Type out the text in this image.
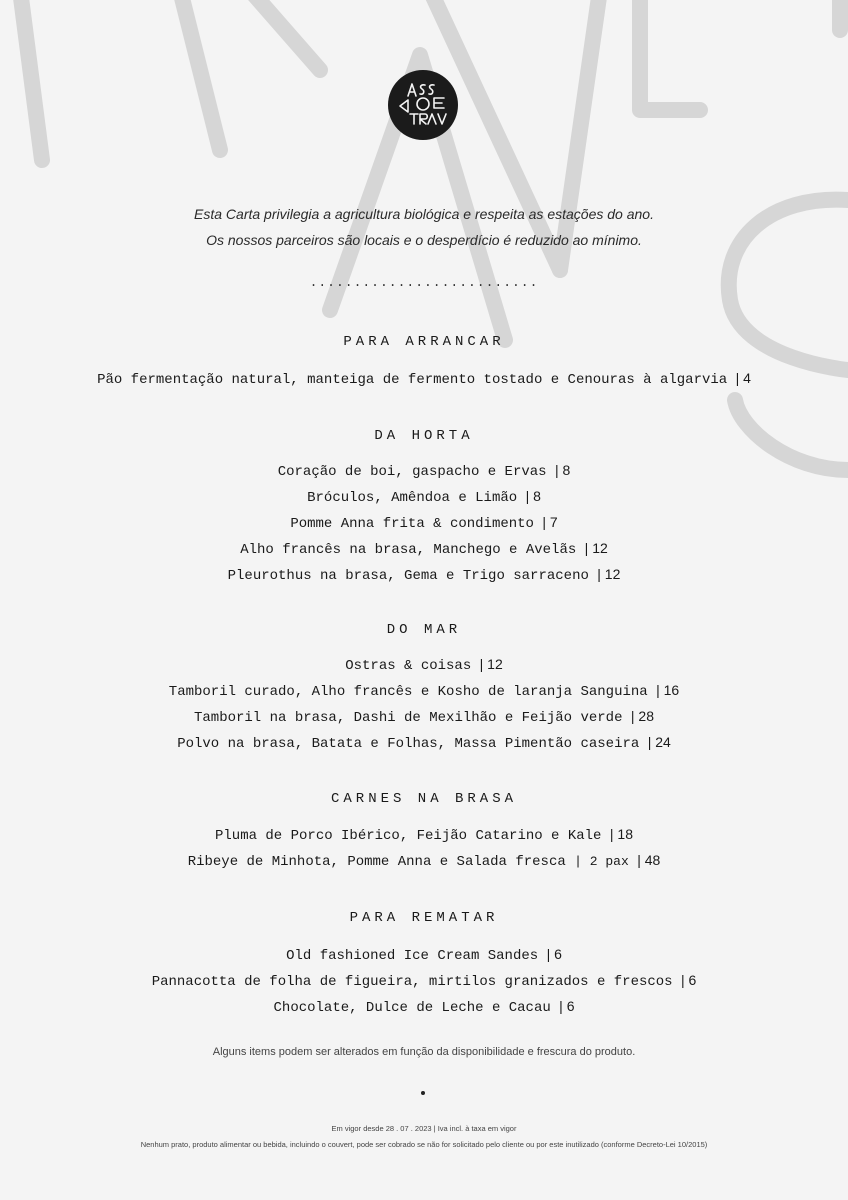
Esta Carta privilegia a agricultura biológica e respeita as estações do ano.
Os nossos parceiros são locais e o desperdício é reduzido ao mínimo.
..........................
PARA ARRANCAR
Pão fermentação natural, manteiga de fermento tostado e Cenouras à algarvia | 4
DA HORTA
Coração de boi, gaspacho e Ervas | 8
Bróculos, Amêndoa e Limão | 8
Pomme Anna frita & condimento | 7
Alho francês na brasa, Manchego e Avelãs | 12
Pleurothus na brasa, Gema e Trigo sarraceno | 12
DO MAR
Ostras & coisas | 12
Tamboril curado, Alho francês e Kosho de laranja Sanguina | 16
Tamboril na brasa, Dashi de Mexilhão e Feijão verde | 28
Polvo na brasa, Batata e Folhas, Massa Pimentão caseira | 24
CARNES NA BRASA
Pluma de Porco Ibérico, Feijão Catarino e Kale | 18
Ribeye de Minhota, Pomme Anna e Salada fresca | 2 pax | 48
PARA REMATAR
Old fashioned Ice Cream Sandes | 6
Pannacotta de folha de figueira, mirtilos granizados e frescos | 6
Chocolate, Dulce de Leche e Cacau | 6
Alguns items podem ser alterados em função da disponibilidade e frescura do produto.
Em vigor desde 28 . 07 . 2023 | Iva incl. à taxa em vigor
Nenhum prato, produto alimentar ou bebida, incluindo o couvert, pode ser cobrado se não for solicitado pelo cliente ou por este inutilizado (conforme Decreto-Lei 10/2015)
